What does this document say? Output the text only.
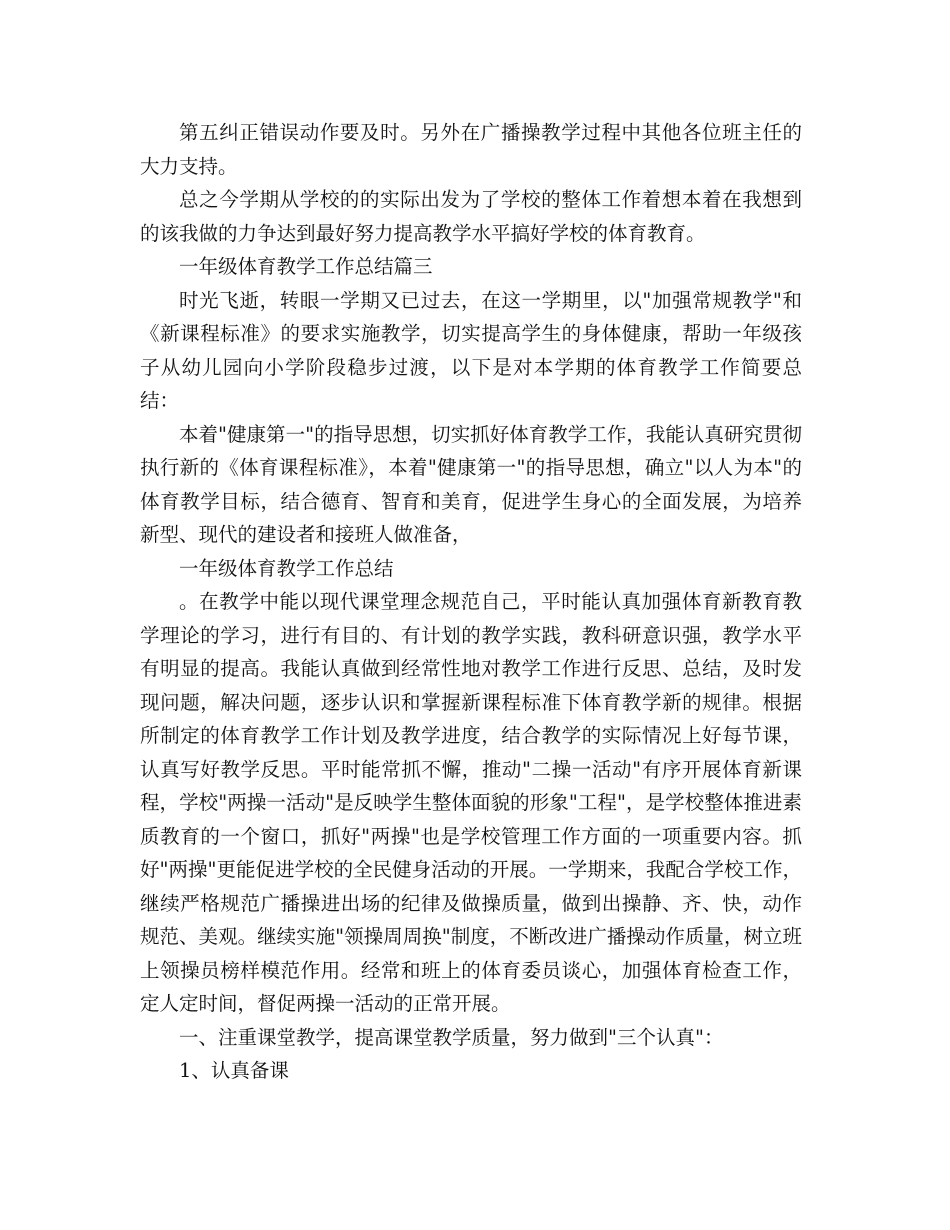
第五纠正错误动作要及时。另外在广播操教学过程中其他各位班主任的大力支持。

总之今学期从学校的的实际出发为了学校的整体工作着想本着在我想到的该我做的力争达到最好努力提高教学水平搞好学校的体育教育。

一年级体育教学工作总结篇三

时光飞逝，转眼一学期又已过去，在这一学期里，以"加强常规教学"和《新课程标准》的要求实施教学，切实提高学生的身体健康，帮助一年级孩子从幼儿园向小学阶段稳步过渡，以下是对本学期的体育教学工作简要总结：

本着"健康第一"的指导思想，切实抓好体育教学工作，我能认真研究贯彻执行新的《体育课程标准》，本着"健康第一"的指导思想，确立"以人为本"的体育教学目标，结合德育、智育和美育，促进学生身心的全面发展，为培养新型、现代的建设者和接班人做准备，

一年级体育教学工作总结

。在教学中能以现代课堂理念规范自己，平时能认真加强体育新教育教学理论的学习，进行有目的、有计划的教学实践，教科研意识强，教学水平有明显的提高。我能认真做到经常性地对教学工作进行反思、总结，及时发现问题，解决问题，逐步认识和掌握新课程标准下体育教学新的规律。根据所制定的体育教学工作计划及教学进度，结合教学的实际情况上好每节课，认真写好教学反思。平时能常抓不懈，推动"二操一活动"有序开展体育新课程，学校"两操一活动"是反映学生整体面貌的形象"工程"，是学校整体推进素质教育的一个窗口，抓好"两操"也是学校管理工作方面的一项重要内容。抓好"两操"更能促进学校的全民健身活动的开展。一学期来，我配合学校工作，继续严格规范广播操进出场的纪律及做操质量，做到出操静、齐、快，动作规范、美观。继续实施"领操周周换"制度，不断改进广播操动作质量，树立班上领操员榜样模范作用。经常和班上的体育委员谈心，加强体育检查工作，定人定时间，督促两操一活动的正常开展。

一、注重课堂教学，提高课堂教学质量，努力做到"三个认真"：

1、认真备课
